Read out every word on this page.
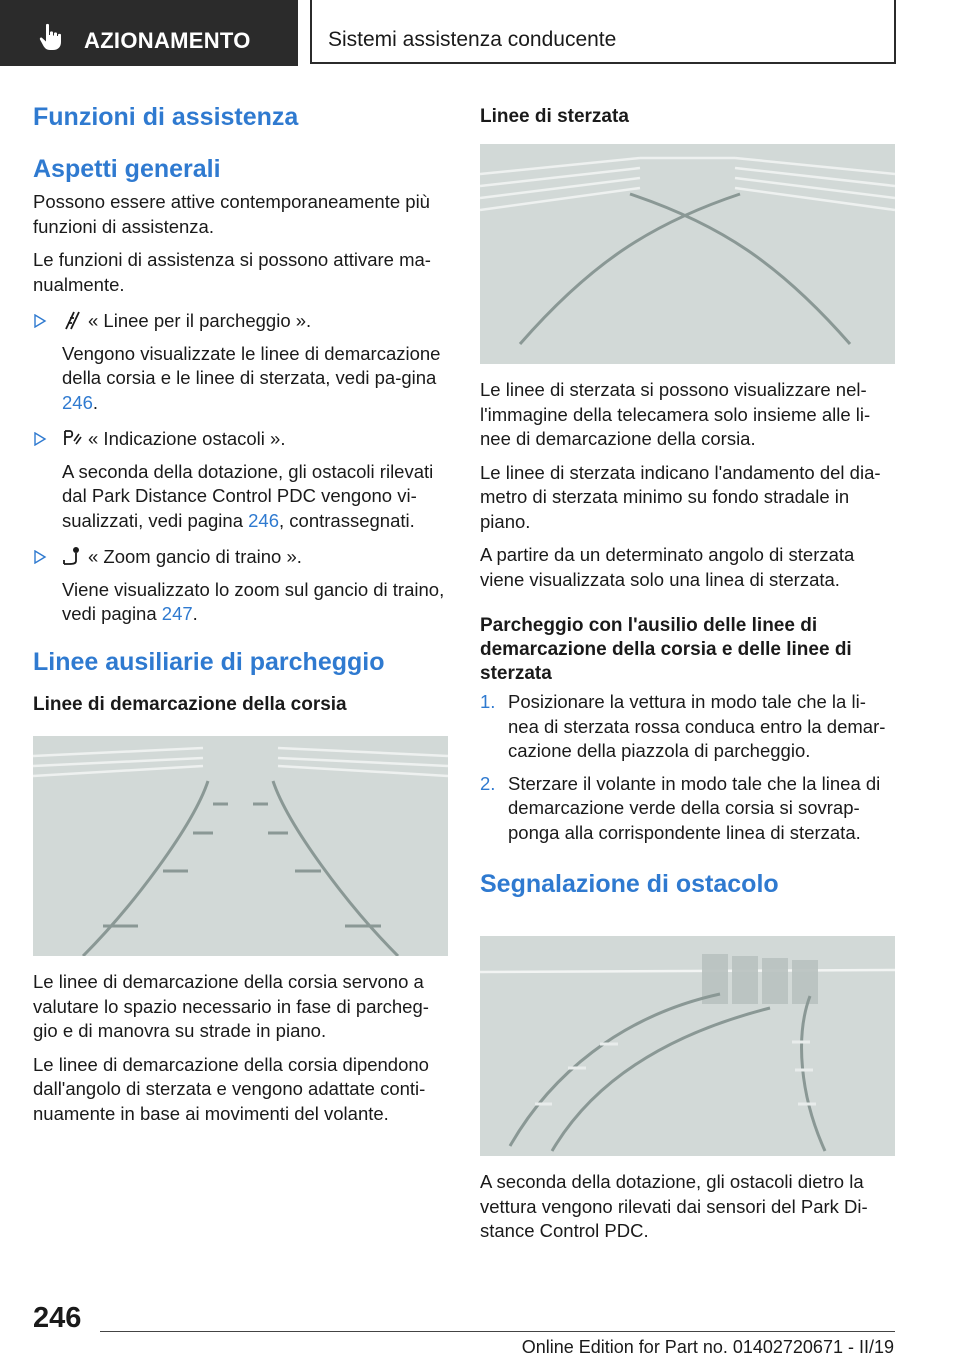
AZIONAMENTO	Sistemi assistenza conducente
Funzioni di assistenza
Aspetti generali

Possono essere attive contemporaneamente più funzioni di assistenza.

Le funzioni di assistenza si possono attivare ma-nualmente.

« Linee per il parcheggio ».

Vengono visualizzate le linee di demarcazione della corsia e le linee di sterzata, vedi pa-gina 246.

« Indicazione ostacoli ».

A seconda della dotazione, gli ostacoli rilevati dal Park Distance Control PDC vengono vi-sualizzati, vedi pagina 246, contrassegnati.

« Zoom gancio di traino ».

Viene visualizzato lo zoom sul gancio di traino, vedi pagina 247.

Linee ausiliarie di parcheggio
Linee di demarcazione della corsia

Le linee di demarcazione della corsia servono a valutare lo spazio necessario in fase di parcheg-gio e di manovra su strade in piano.

Le linee di demarcazione della corsia dipendono dall'angolo di sterzata e vengono adattate conti-nuamente in base ai movimenti del volante.

Linee di sterzata

Le linee di sterzata si possono visualizzare nel-l'immagine della telecamera solo insieme alle li-nee di demarcazione della corsia.

Le linee di sterzata indicano l'andamento del dia-metro di sterzata minimo su fondo stradale in piano.

A partire da un determinato angolo di sterzata viene visualizzata solo una linea di sterzata.

Parcheggio con l'ausilio delle linee di demarcazione della corsia e delle linee di sterzata
1. Posizionare la vettura in modo tale che la li-nea di sterzata rossa conduca entro la demar-cazione della piazzola di parcheggio.

2. Sterzare il volante in modo tale che la linea di demarcazione verde della corsia si sovrap-ponga alla corrispondente linea di sterzata.

Segnalazione di ostacolo

A seconda della dotazione, gli ostacoli dietro la vettura vengono rilevati dai sensori del Park Di-stance Control PDC.

246
Online Edition for Part no. 01402720671 - II/19
